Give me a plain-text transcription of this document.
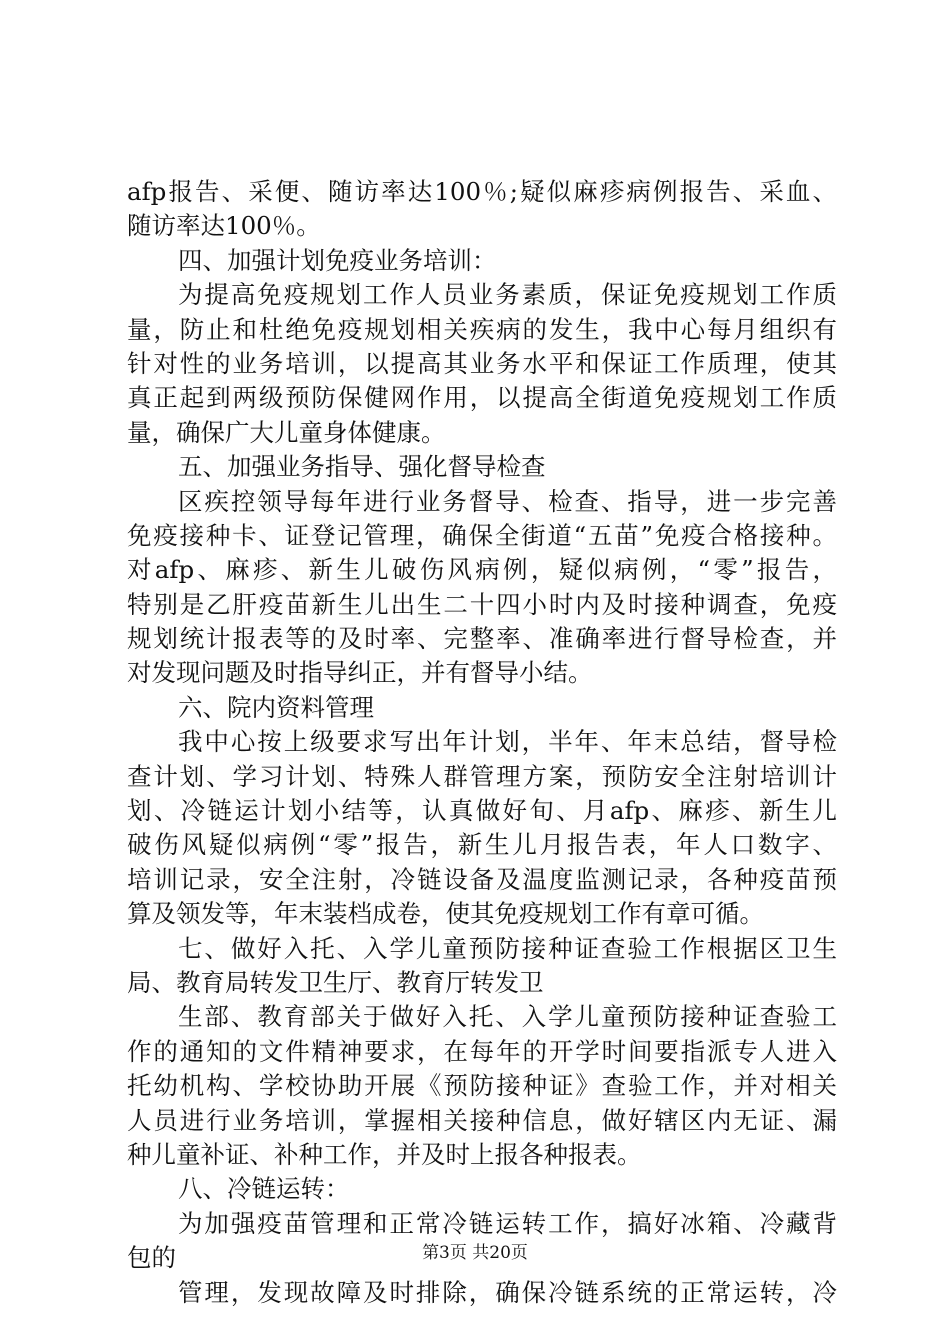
afp报告、采便、随访率达100％;疑似麻疹病例报告、采血、
随访率达100％。
四、加强计划免疫业务培训：
为提高免疫规划工作人员业务素质，保证免疫规划工作质
量，防止和杜绝免疫规划相关疾病的发生，我中心每月组织有
针对性的业务培训，以提高其业务水平和保证工作质理，使其
真正起到两级预防保健网作用，以提高全街道免疫规划工作质
量，确保广大儿童身体健康。
五、加强业务指导、强化督导检查
区疾控领导每年进行业务督导、检查、指导，进一步完善
免疫接种卡、证登记管理，确保全街道“五苗”免疫合格接种。
对afp、麻疹、新生儿破伤风病例，疑似病例，“零”报告，
特别是乙肝疫苗新生儿出生二十四小时内及时接种调查，免疫
规划统计报表等的及时率、完整率、准确率进行督导检查，并
对发现问题及时指导纠正，并有督导小结。
六、院内资料管理
我中心按上级要求写出年计划，半年、年末总结，督导检
查计划、学习计划、特殊人群管理方案，预防安全注射培训计
划、冷链运计划小结等，认真做好旬、月afp、麻疹、新生儿
破伤风疑似病例“零”报告，新生儿月报告表，年人口数字、
培训记录，安全注射，冷链设备及温度监测记录，各种疫苗预
算及领发等，年末装档成卷，使其免疫规划工作有章可循。
七、做好入托、入学儿童预防接种证查验工作根据区卫生
局、教育局转发卫生厅、教育厅转发卫
生部、教育部关于做好入托、入学儿童预防接种证查验工
作的通知的文件精神要求，在每年的开学时间要指派专人进入
托幼机构、学校协助开展《预防接种证》查验工作，并对相关
人员进行业务培训，掌握相关接种信息，做好辖区内无证、漏
种儿童补证、补种工作，并及时上报各种报表。
八、冷链运转：
为加强疫苗管理和正常冷链运转工作，搞好冰箱、冷藏背
包的
管理，发现故障及时排除，确保冷链系统的正常运转，冷
第3页 共20页
